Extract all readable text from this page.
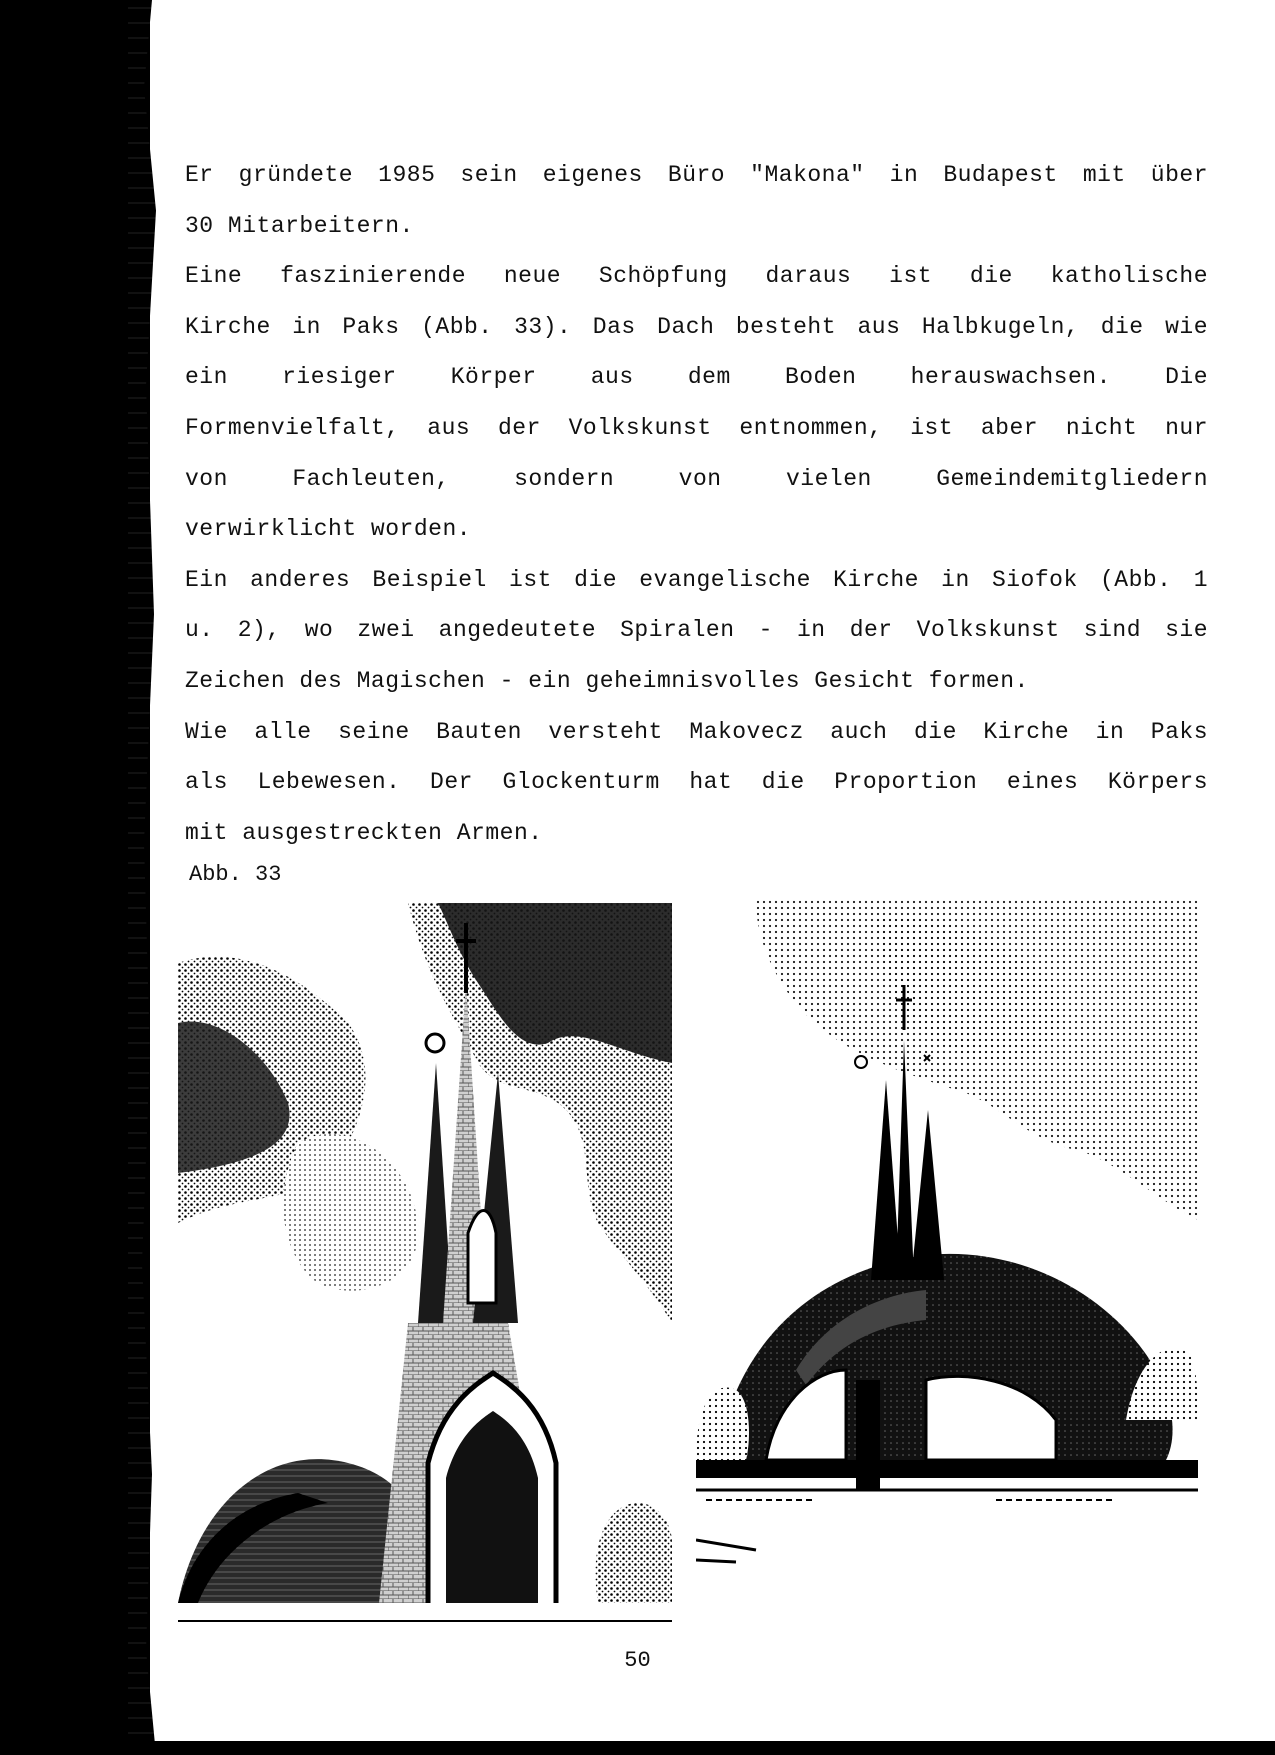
Er gründete 1985 sein eigenes Büro "Makona" in Budapest mit über
30 Mitarbeitern.

Eine faszinierende neue Schöpfung daraus ist die katholische
Kirche in Paks (Abb. 33). Das Dach besteht aus Halbkugeln, die wie
ein riesiger Körper aus dem Boden herauswachsen. Die
Formenvielfalt, aus der Volkskunst entnommen, ist aber nicht nur
von Fachleuten, sondern von vielen Gemeindemitgliedern
verwirklicht worden.

Ein anderes Beispiel ist die evangelische Kirche in Siofok (Abb. 1
u. 2), wo zwei angedeutete Spiralen - in der Volkskunst sind sie
Zeichen des Magischen - ein geheimnisvolles Gesicht formen.

Wie alle seine Bauten versteht Makovecz auch die Kirche in Paks
als Lebewesen. Der Glockenturm hat die Proportion eines Körpers
mit ausgestreckten Armen.

Abb. 33
50
